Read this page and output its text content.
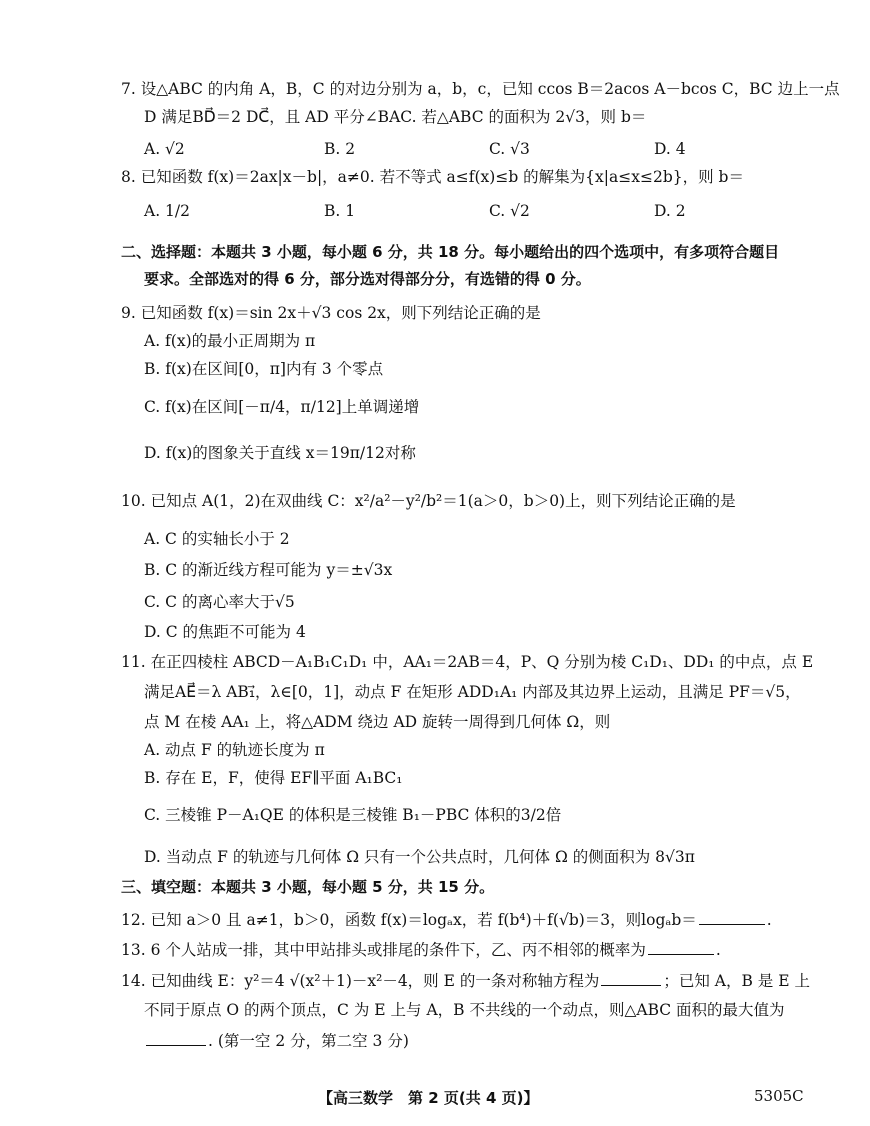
7. 设△ABC 的内角 A，B，C 的对边分别为 a，b，c，已知 ccos B＝2acos A－bcos C，BC 边上一点
D 满足BD⃗＝2 DC⃗，且 AD 平分∠BAC. 若△ABC 的面积为 2√3，则 b＝
A. √2	B. 2	C. √3	D. 4
8. 已知函数 f(x)＝2ax|x－b|，a≠0. 若不等式 a≤f(x)≤b 的解集为{x|a≤x≤2b}，则 b＝
A. 1/2	B. 1	C. √2	D. 2
二、选择题：本题共 3 小题，每小题 6 分，共 18 分。每小题给出的四个选项中，有多项符合题目
要求。全部选对的得 6 分，部分选对得部分分，有选错的得 0 分。
9. 已知函数 f(x)＝sin 2x＋√3 cos 2x，则下列结论正确的是
A. f(x)的最小正周期为 π
B. f(x)在区间[0，π]内有 3 个零点
C. f(x)在区间[－π/4，π/12]上单调递增
D. f(x)的图象关于直线 x＝19π/12对称
10. 已知点 A(1，2)在双曲线 C：x²/a²－y²/b²＝1(a＞0，b＞0)上，则下列结论正确的是
A. C 的实轴长小于 2
B. C 的渐近线方程可能为 y＝±√3x
C. C 的离心率大于√5
D. C 的焦距不可能为 4
11. 在正四棱柱 ABCD－A₁B₁C₁D₁ 中，AA₁＝2AB＝4，P、Q 分别为棱 C₁D₁、DD₁ 的中点，点 E
满足AE⃗＝λ AB₁⃗，λ∈[0，1]，动点 F 在矩形 ADD₁A₁ 内部及其边界上运动，且满足 PF＝√5，
点 M 在棱 AA₁ 上，将△ADM 绕边 AD 旋转一周得到几何体 Ω，则
A. 动点 F 的轨迹长度为 π
B. 存在 E，F，使得 EF∥平面 A₁BC₁
C. 三棱锥 P－A₁QE 的体积是三棱锥 B₁－PBC 体积的3/2倍
D. 当动点 F 的轨迹与几何体 Ω 只有一个公共点时，几何体 Ω 的侧面积为 8√3π
三、填空题：本题共 3 小题，每小题 5 分，共 15 分。
12. 已知 a＞0 且 a≠1，b＞0，函数 f(x)＝logₐx，若 f(b⁴)＋f(√b)＝3，则logₐb＝	.
13. 6 个人站成一排，其中甲站排头或排尾的条件下，乙、丙不相邻的概率为	.
14. 已知曲线 E：y²＝4 √(x²＋1)－x²－4，则 E 的一条对称轴方程为	；已知 A，B 是 E 上
不同于原点 O 的两个顶点，C 为 E 上与 A，B 不共线的一个动点，则△ABC 面积的最大值为
. (第一空 2 分，第二空 3 分)
【高三数学　第 2 页(共 4 页)】	5305C
